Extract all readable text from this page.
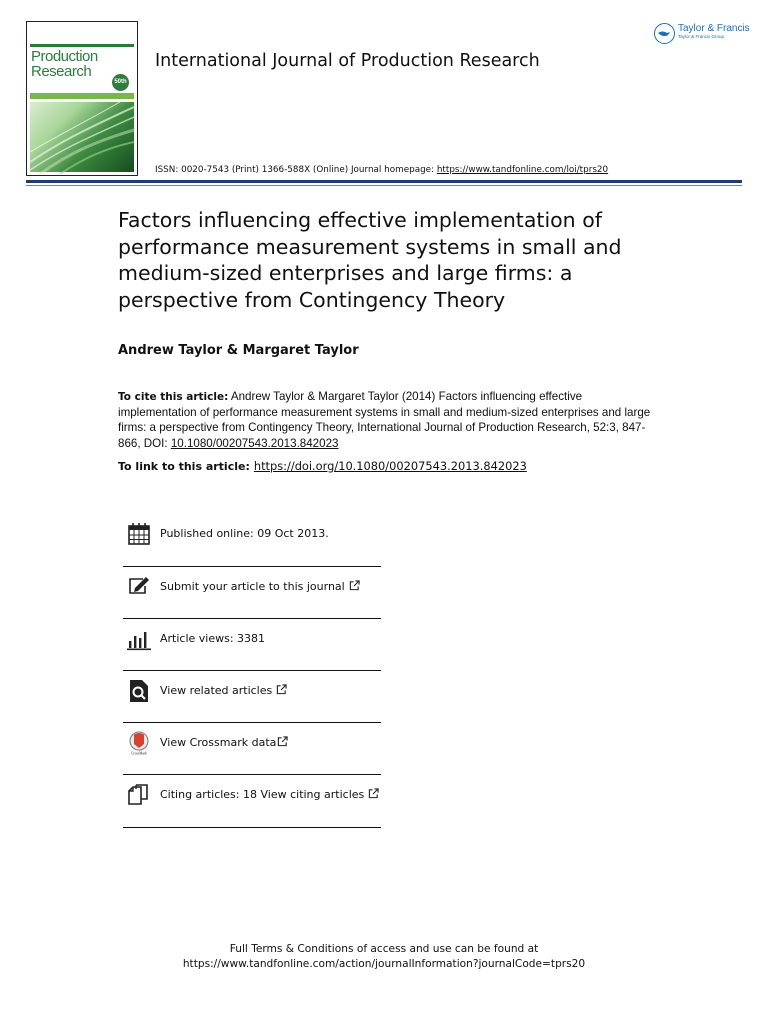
Production
Research
50th
International Journal of Production Research
ISSN: 0020-7543 (Print) 1366-588X (Online) Journal homepage: https://www.tandfonline.com/loi/tprs20
Taylor & Francis
Taylor & Francis Group
Factors influencing effective implementation of performance measurement systems in small and medium-sized enterprises and large firms: a perspective from Contingency Theory
Andrew Taylor & Margaret Taylor
To cite this article: Andrew Taylor & Margaret Taylor (2014) Factors influencing effective implementation of performance measurement systems in small and medium-sized enterprises and large firms: a perspective from Contingency Theory, International Journal of Production Research, 52:3, 847-866, DOI: 10.1080/00207543.2013.842023
To link to this article: https://doi.org/10.1080/00207543.2013.842023
Published online: 09 Oct 2013.
Submit your article to this journal
Article views: 3381
View related articles
CrossMark
View Crossmark data
Citing articles: 18 View citing articles
Full Terms & Conditions of access and use can be found at
https://www.tandfonline.com/action/journalInformation?journalCode=tprs20
